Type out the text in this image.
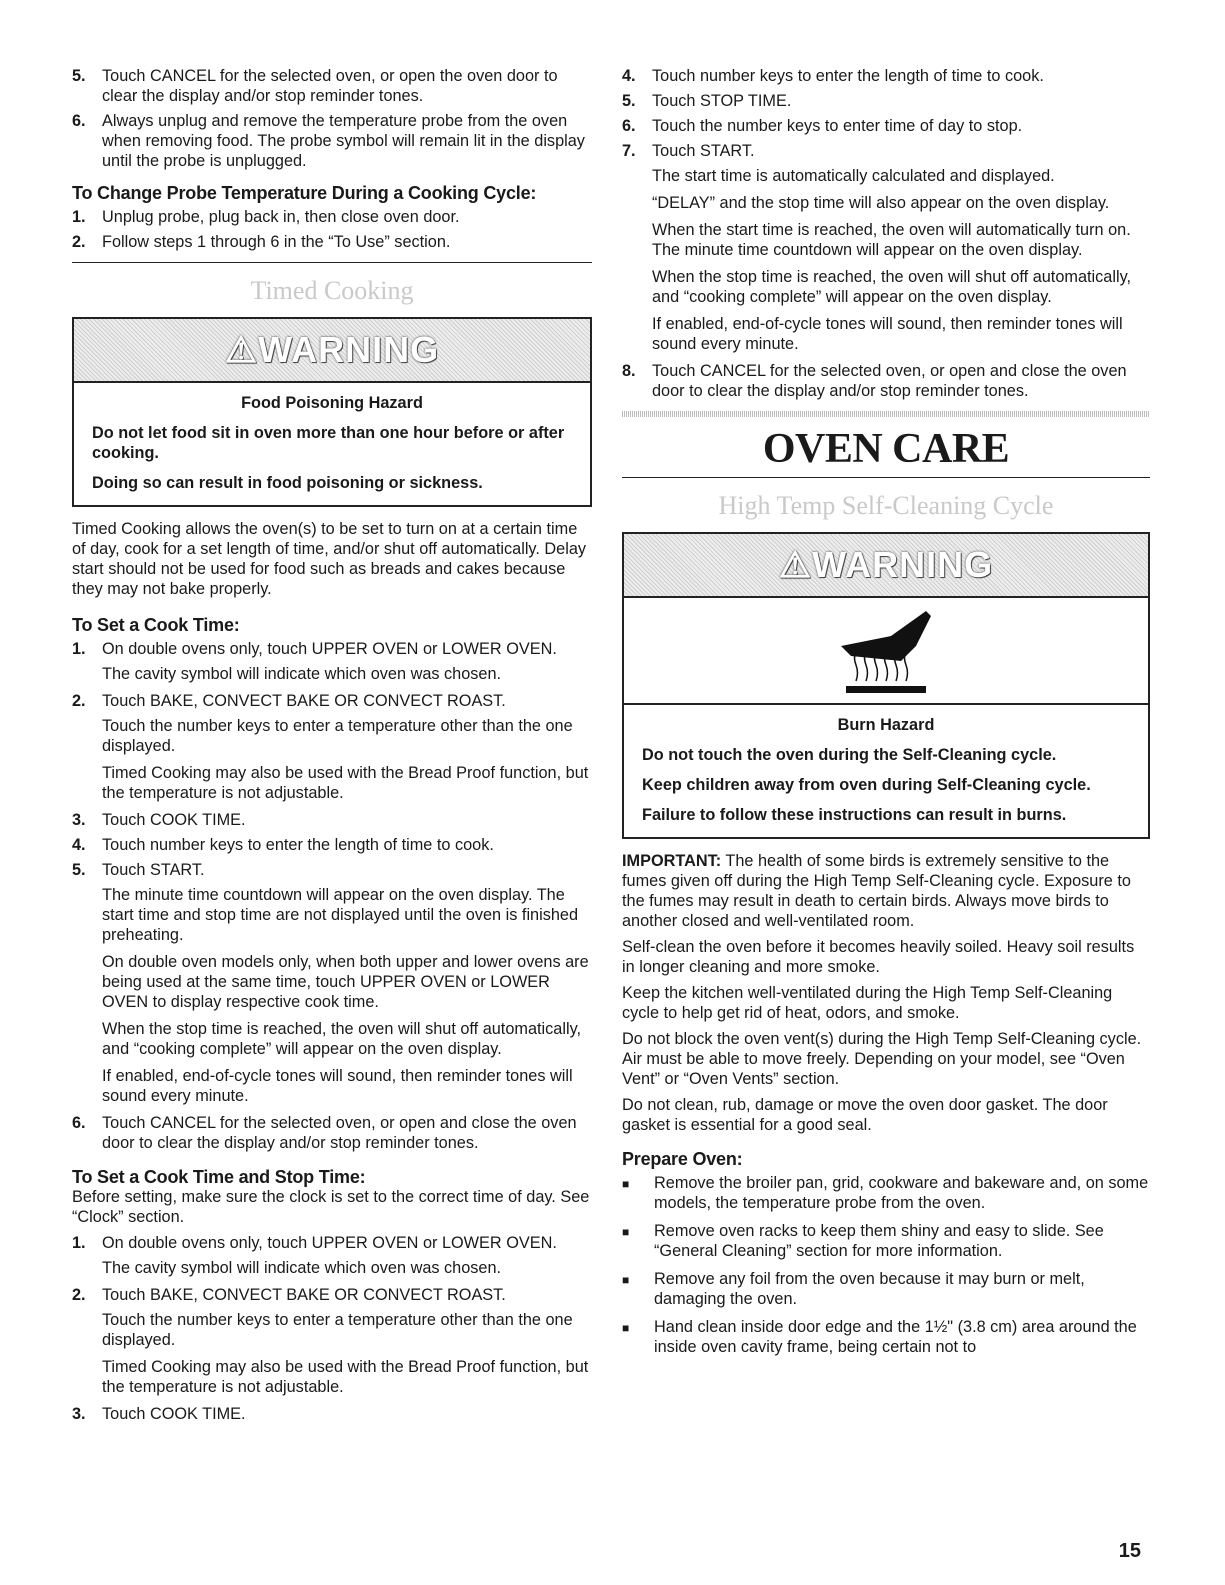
5.	Touch CANCEL for the selected oven, or open the oven door to clear the display and/or stop reminder tones.
6.	Always unplug and remove the temperature probe from the oven when removing food. The probe symbol will remain lit in the display until the probe is unplugged.
To Change Probe Temperature During a Cooking Cycle:
1.	Unplug probe, plug back in, then close oven door.
2.	Follow steps 1 through 6 in the “To Use” section.
Timed Cooking
⚠WARNING
Food Poisoning Hazard

Do not let food sit in oven more than one hour before or after cooking.

Doing so can result in food poisoning or sickness.

Timed Cooking allows the oven(s) to be set to turn on at a certain time of day, cook for a set length of time, and/or shut off automatically. Delay start should not be used for food such as breads and cakes because they may not bake properly.

To Set a Cook Time:
1.	On double ovens only, touch UPPER OVEN or LOWER OVEN.
The cavity symbol will indicate which oven was chosen.
2.	Touch BAKE, CONVECT BAKE OR CONVECT ROAST.
Touch the number keys to enter a temperature other than the one displayed.
Timed Cooking may also be used with the Bread Proof function, but the temperature is not adjustable.
3.	Touch COOK TIME.
4.	Touch number keys to enter the length of time to cook.
5.	Touch START.
The minute time countdown will appear on the oven display. The start time and stop time are not displayed until the oven is finished preheating.
On double oven models only, when both upper and lower ovens are being used at the same time, touch UPPER OVEN or LOWER OVEN to display respective cook time.
When the stop time is reached, the oven will shut off automatically, and “cooking complete” will appear on the oven display.
If enabled, end-of-cycle tones will sound, then reminder tones will sound every minute.
6.	Touch CANCEL for the selected oven, or open and close the oven door to clear the display and/or stop reminder tones.
To Set a Cook Time and Stop Time:

Before setting, make sure the clock is set to the correct time of day. See “Clock” section.

1.	On double ovens only, touch UPPER OVEN or LOWER OVEN.
The cavity symbol will indicate which oven was chosen.
2.	Touch BAKE, CONVECT BAKE OR CONVECT ROAST.
Touch the number keys to enter a temperature other than the one displayed.
Timed Cooking may also be used with the Bread Proof function, but the temperature is not adjustable.
3.	Touch COOK TIME.
4.	Touch number keys to enter the length of time to cook.
5.	Touch STOP TIME.
6.	Touch the number keys to enter time of day to stop.
7.	Touch START.
The start time is automatically calculated and displayed.
“DELAY” and the stop time will also appear on the oven display.
When the start time is reached, the oven will automatically turn on. The minute time countdown will appear on the oven display.
When the stop time is reached, the oven will shut off automatically, and “cooking complete” will appear on the oven display.
If enabled, end-of-cycle tones will sound, then reminder tones will sound every minute.
8.	Touch CANCEL for the selected oven, or open and close the oven door to clear the display and/or stop reminder tones.
OVEN CARE
High Temp Self-Cleaning Cycle
⚠WARNING
Burn Hazard

Do not touch the oven during the Self-Cleaning cycle.

Keep children away from oven during Self-Cleaning cycle.

Failure to follow these instructions can result in burns.

IMPORTANT: The health of some birds is extremely sensitive to the fumes given off during the High Temp Self-Cleaning cycle. Exposure to the fumes may result in death to certain birds. Always move birds to another closed and well-ventilated room.

Self-clean the oven before it becomes heavily soiled. Heavy soil results in longer cleaning and more smoke.

Keep the kitchen well-ventilated during the High Temp Self-Cleaning cycle to help get rid of heat, odors, and smoke.

Do not block the oven vent(s) during the High Temp Self-Cleaning cycle. Air must be able to move freely. Depending on your model, see “Oven Vent” or “Oven Vents” section.

Do not clean, rub, damage or move the oven door gasket. The door gasket is essential for a good seal.

Prepare Oven:
■	Remove the broiler pan, grid, cookware and bakeware and, on some models, the temperature probe from the oven.
■	Remove oven racks to keep them shiny and easy to slide. See “General Cleaning” section for more information.
■	Remove any foil from the oven because it may burn or melt, damaging the oven.
■	Hand clean inside door edge and the 1½" (3.8 cm) area around the inside oven cavity frame, being certain not to
15
